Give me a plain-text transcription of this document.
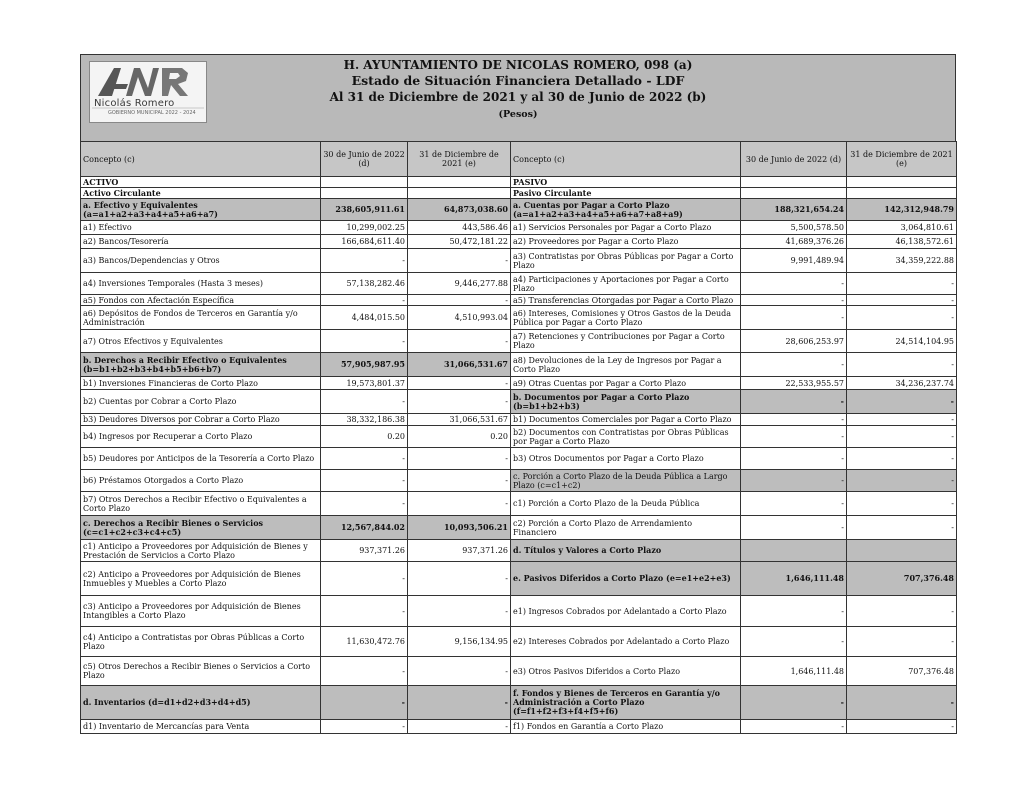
Nicolás Romero
GOBIERNO MUNICIPAL 2022 - 2024
H. AYUNTAMIENTO DE NICOLAS ROMERO, 098 (a)
Estado de Situación Financiera Detallado - LDF
Al 31 de Diciembre de 2021 y al 30 de Junio de 2022 (b)
(Pesos)
Concepto (c)	30 de Junio de 2022 (d)	31 de Diciembre de 2021 (e)	Concepto (c)	30 de Junio de 2022 (d)	31 de Diciembre de 2021 (e)
ACTIVO			PASIVO		
Activo Circulante			Pasivo Circulante		
a. Efectivo y Equivalentes (a=a1+a2+a3+a4+a5+a6+a7)	238,605,911.61	64,873,038.60	a. Cuentas por Pagar a Corto Plazo (a=a1+a2+a3+a4+a5+a6+a7+a8+a9)	188,321,654.24	142,312,948.79
a1) Efectivo	10,299,002.25	443,586.46	a1) Servicios Personales por Pagar a Corto Plazo	5,500,578.50	3,064,810.61
a2) Bancos/Tesorería	166,684,611.40	50,472,181.22	a2) Proveedores por Pagar a Corto Plazo	41,689,376.26	46,138,572.61
a3) Bancos/Dependencias y Otros	-	-	a3) Contratistas por Obras Públicas por Pagar a Corto Plazo	9,991,489.94	34,359,222.88
a4) Inversiones Temporales (Hasta 3 meses)	57,138,282.46	9,446,277.88	a4) Participaciones y Aportaciones por Pagar a Corto Plazo	-	-
a5) Fondos con Afectación Específica	-	-	a5) Transferencias Otorgadas por Pagar a Corto Plazo	-	-
a6) Depósitos de Fondos de Terceros en Garantía y/o Administración	4,484,015.50	4,510,993.04	a6) Intereses, Comisiones y Otros Gastos de la Deuda Pública por Pagar a Corto Plazo	-	-
a7) Otros Efectivos y Equivalentes	-	-	a7) Retenciones y Contribuciones por Pagar a Corto Plazo	28,606,253.97	24,514,104.95
b. Derechos a Recibir Efectivo o Equivalentes (b=b1+b2+b3+b4+b5+b6+b7)	57,905,987.95	31,066,531.67	a8) Devoluciones de la Ley de Ingresos por Pagar a Corto Plazo	-	-
b1) Inversiones Financieras de Corto Plazo	19,573,801.37	-	a9) Otras Cuentas por Pagar a Corto Plazo	22,533,955.57	34,236,237.74
b2) Cuentas por Cobrar a Corto Plazo	-	-	b. Documentos por Pagar a Corto Plazo (b=b1+b2+b3)	-	-
b3) Deudores Diversos por Cobrar a Corto Plazo	38,332,186.38	31,066,531.67	b1) Documentos Comerciales por Pagar a Corto Plazo	-	-
b4) Ingresos por Recuperar a Corto Plazo	0.20	0.20	b2) Documentos con Contratistas por Obras Públicas por Pagar a Corto Plazo	-	-
b5) Deudores por Anticipos de la Tesorería a Corto Plazo	-	-	b3) Otros Documentos por Pagar a Corto Plazo	-	-
b6) Préstamos Otorgados a Corto Plazo	-	-	c. Porción a Corto Plazo de la Deuda Pública a Largo Plazo (c=c1+c2)	-	-
b7) Otros Derechos a Recibir Efectivo o Equivalentes a Corto Plazo	-	-	c1) Porción a Corto Plazo de la Deuda Pública	-	-
c. Derechos a Recibir Bienes o Servicios (c=c1+c2+c3+c4+c5)	12,567,844.02	10,093,506.21	c2) Porción a Corto Plazo de Arrendamiento Financiero	-	-
c1) Anticipo a Proveedores por Adquisición de Bienes y Prestación de Servicios a Corto Plazo	937,371.26	937,371.26	d. Títulos y Valores a Corto Plazo		
c2) Anticipo a Proveedores por Adquisición de Bienes Inmuebles y Muebles a Corto Plazo	-	-	e. Pasivos Diferidos a Corto Plazo (e=e1+e2+e3)	1,646,111.48	707,376.48
c3) Anticipo a Proveedores por Adquisición de Bienes Intangibles a Corto Plazo	-	-	e1) Ingresos Cobrados por Adelantado a Corto Plazo	-	-
c4) Anticipo a Contratistas por Obras Públicas a Corto Plazo	11,630,472.76	9,156,134.95	e2) Intereses Cobrados por Adelantado a Corto Plazo	-	-
c5) Otros Derechos a Recibir Bienes o Servicios a Corto Plazo	-	-	e3) Otros Pasivos Diferidos a Corto Plazo	1,646,111.48	707,376.48
d. Inventarios (d=d1+d2+d3+d4+d5)	-	-	f. Fondos y Bienes de Terceros en Garantía y/o Administración a Corto Plazo (f=f1+f2+f3+f4+f5+f6)	-	-
d1) Inventario de Mercancías para Venta	-	-	f1) Fondos en Garantía a Corto Plazo	-	-
